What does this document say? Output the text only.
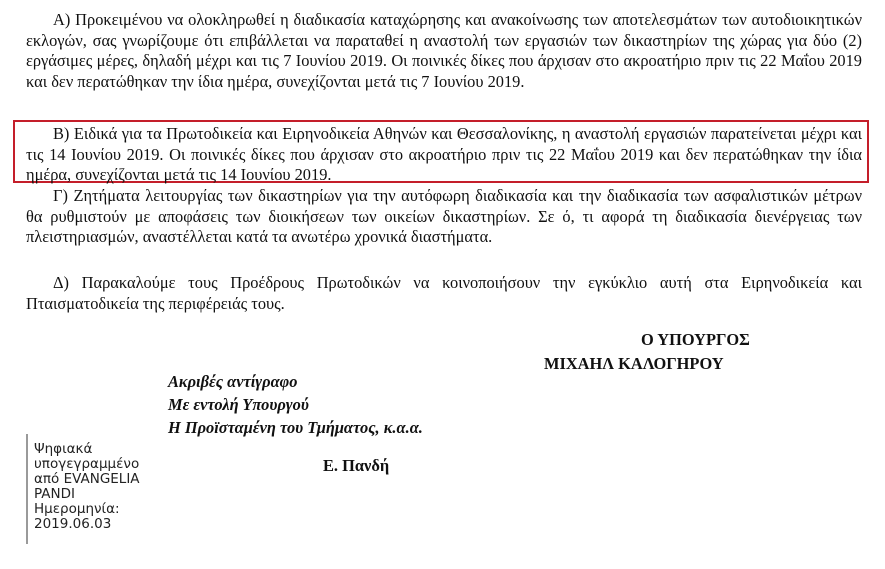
Α) Προκειμένου να ολοκληρωθεί η διαδικασία καταχώρησης και ανακοίνωσης των αποτελεσμάτων των αυτοδιοικητικών εκλογών, σας γνωρίζουμε ότι επιβάλλεται να παραταθεί η αναστολή των εργασιών των δικαστηρίων της χώρας για δύο (2) εργάσιμες μέρες, δηλαδή μέχρι και τις 7 Ιουνίου 2019. Οι ποινικές δίκες που άρχισαν στο ακροατήριο πριν τις 22 Μαΐου 2019 και δεν περατώθηκαν την ίδια ημέρα, συνεχίζονται μετά τις 7 Ιουνίου 2019.

Β) Ειδικά για τα Πρωτοδικεία και Ειρηνοδικεία Αθηνών και Θεσσαλονίκης, η αναστολή εργασιών παρατείνεται μέχρι και τις 14 Ιουνίου 2019. Οι ποινικές δίκες που άρχισαν στο ακροατήριο πριν τις 22 Μαΐου 2019 και δεν περατώθηκαν την ίδια ημέρα, συνεχίζονται μετά τις 14 Ιουνίου 2019.

Γ) Ζητήματα λειτουργίας των δικαστηρίων για την αυτόφωρη διαδικασία και την διαδικασία των ασφαλιστικών μέτρων θα ρυθμιστούν με αποφάσεις των διοικήσεων των οικείων δικαστηρίων. Σε ό, τι αφορά τη διαδικασία διενέργειας των πλειστηριασμών, αναστέλλεται κατά τα ανωτέρω χρονικά διαστήματα.

Δ) Παρακαλούμε τους Προέδρους Πρωτοδικών να κοινοποιήσουν την εγκύκλιο αυτή στα Ειρηνοδικεία και Πταισματοδικεία της περιφέρειάς τους.

Ο ΥΠΟΥΡΓΟΣ
ΜΙΧΑΗΛ ΚΑΛΟΓΗΡΟΥ
Ακριβές αντίγραφο
Με εντολή Υπουργού
Η Προϊσταμένη του Τμήματος, κ.α.α.
Ε. Πανδή
Ψηφιακά
υπογεγραμμένο
από EVANGELIA
PANDI
Ημερομηνία:
2019.06.03
